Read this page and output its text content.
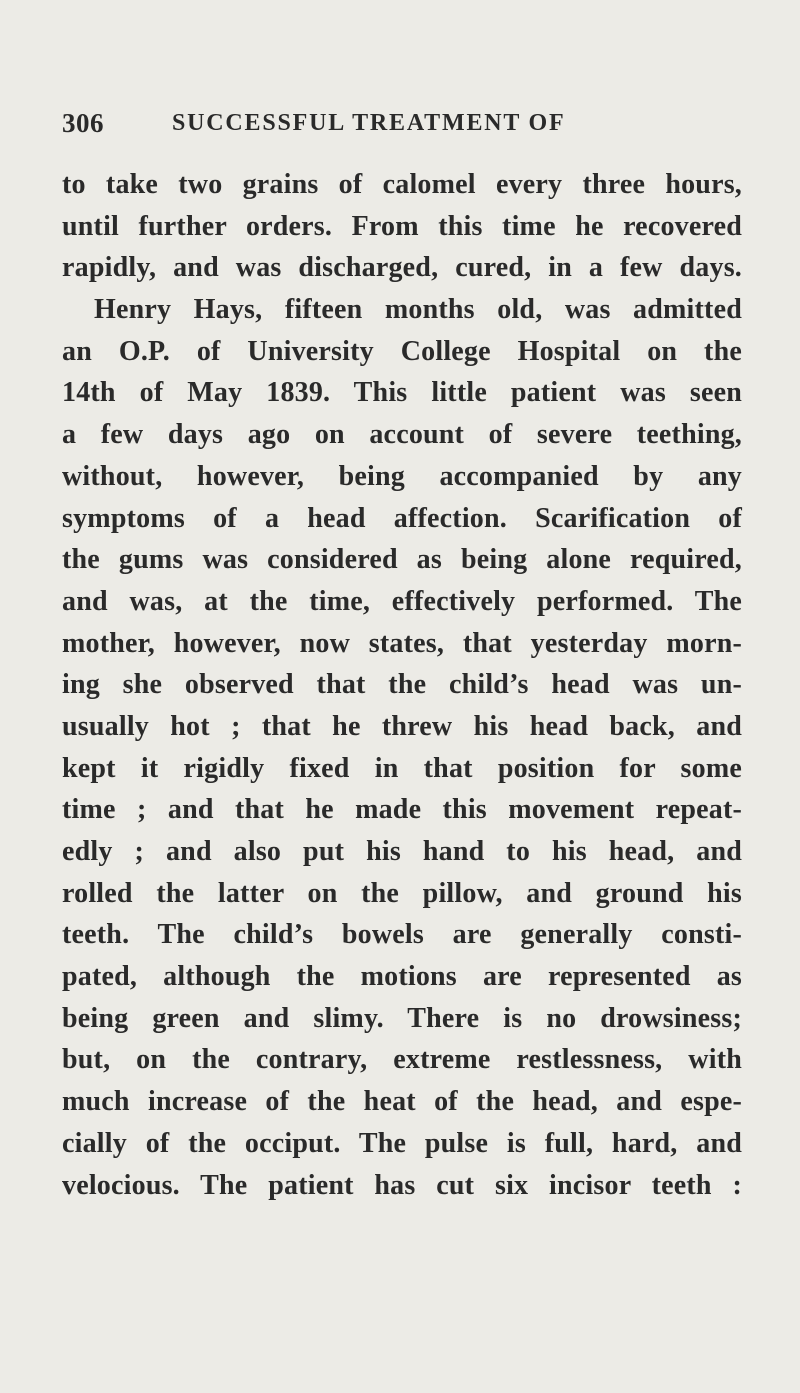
306	SUCCESSFUL TREATMENT OF
to take two grains of calomel every three hours,
until further orders. From this time he recovered
rapidly, and was discharged, cured, in a few days.
Henry Hays, fifteen months old, was admitted
an O.P. of University College Hospital on the
14th of May 1839. This little patient was seen
a few days ago on account of severe teething,
without, however, being accompanied by any
symptoms of a head affection. Scarification of
the gums was considered as being alone required,
and was, at the time, effectively performed. The
mother, however, now states, that yesterday morn-
ing she observed that the child’s head was un-
usually hot ; that he threw his head back, and
kept it rigidly fixed in that position for some
time ; and that he made this movement repeat-
edly ; and also put his hand to his head, and
rolled the latter on the pillow, and ground his
teeth. The child’s bowels are generally consti-
pated, although the motions are represented as
being green and slimy. There is no drowsiness;
but, on the contrary, extreme restlessness, with
much increase of the heat of the head, and espe-
cially of the occiput. The pulse is full, hard, and
velocious. The patient has cut six incisor teeth :
